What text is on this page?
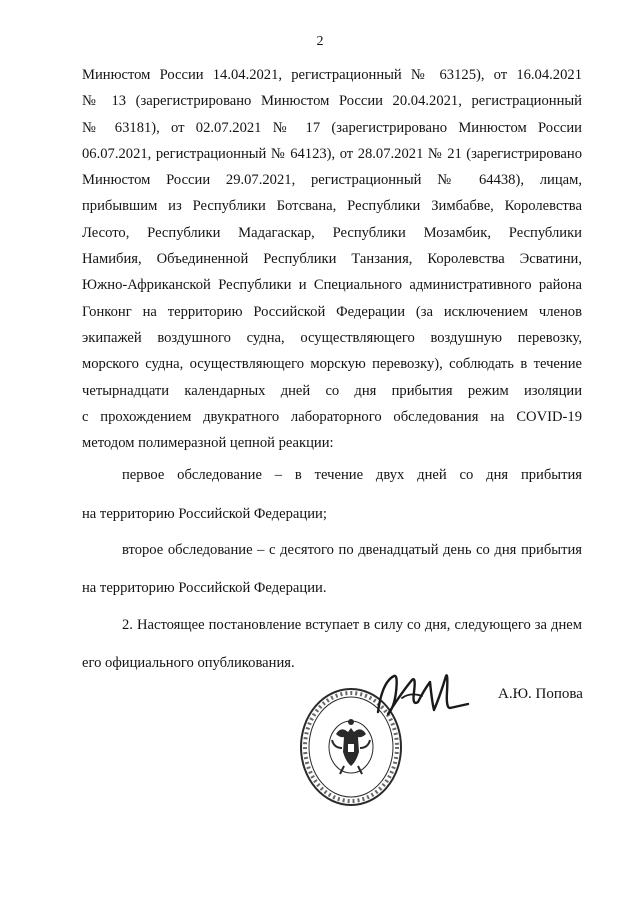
2

Минюстом России 14.04.2021, регистрационный № 63125), от 16.04.2021
№ 13 (зарегистрировано Минюстом России 20.04.2021, регистрационный
№ 63181), от 02.07.2021 № 17 (зарегистрировано Минюстом России
06.07.2021, регистрационный № 64123), от 28.07.2021 № 21 (зарегистрировано
Минюстом России 29.07.2021, регистрационный № 64438), лицам,
прибывшим из Республики Ботсвана, Республики Зимбабве, Королевства
Лесото, Республики Мадагаскар, Республики Мозамбик, Республики
Намибия, Объединенной Республики Танзания, Королевства Эсватини,
Южно-Африканской Республики и Специального административного района
Гонконг на территорию Российской Федерации (за исключением членов
экипажей воздушного судна, осуществляющего воздушную перевозку,
морского судна, осуществляющего морскую перевозку), соблюдать в течение
четырнадцати календарных дней со дня прибытия режим изоляции
с прохождением двукратного лабораторного обследования на COVID-19
методом полимеразной цепной реакции:

первое обследование – в течение двух дней со дня прибытия
на территорию Российской Федерации;

второе обследование – с десятого по двенадцатый день со дня прибытия
на территорию Российской Федерации.

2. Настоящее постановление вступает в силу со дня, следующего за днем
его официального опубликования.

А.Ю. Попова
